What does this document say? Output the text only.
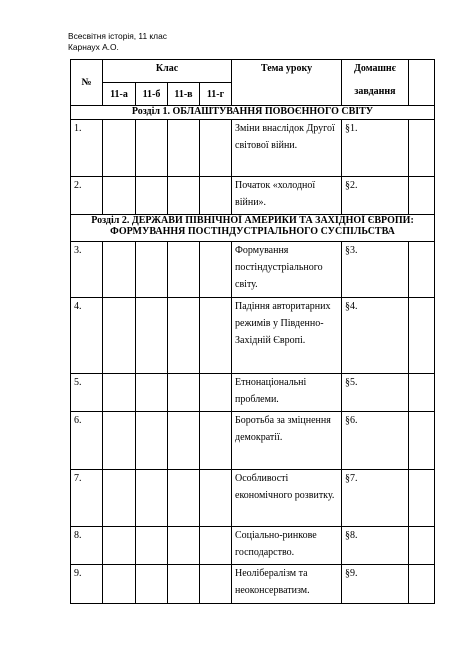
Всесвітня історія, 11 клас
Карнаух А.О.
№	Клас				Тема уроку	Домашнє
завдання	

	11-а	11-б	11-в	11-г			
Розділ 1. ОБЛАШТУВАННЯ ПОВОЄННОГО СВІТУ							
1.					Зміни внаслідок Другої світової війни.	§1.	
2.					Початок «холодної війни».	§2.	

Розділ 2. ДЕРЖАВИ ПІВНІЧНОЇ АМЕРИКИ ТА ЗАХІДНОЇ ЄВРОПИ:
ФОРМУВАННЯ ПОСТІНДУСТРІАЛЬНОГО СУСПІЛЬСТВА							

3.					Формування постіндустріального світу.	§3.	
4.					Падіння авторитарних режимів у Південно-Західній Європі.	§4.	
5.					Етнонаціональні проблеми.	§5.	
6.					Боротьба за зміцнення демократії.	§6.	
7.					Особливості економічного розвитку.	§7.	
8.					Соціально-ринкове господарство.	§8.	
9.					Неолібералізм та неоконсерватизм.	§9.	
